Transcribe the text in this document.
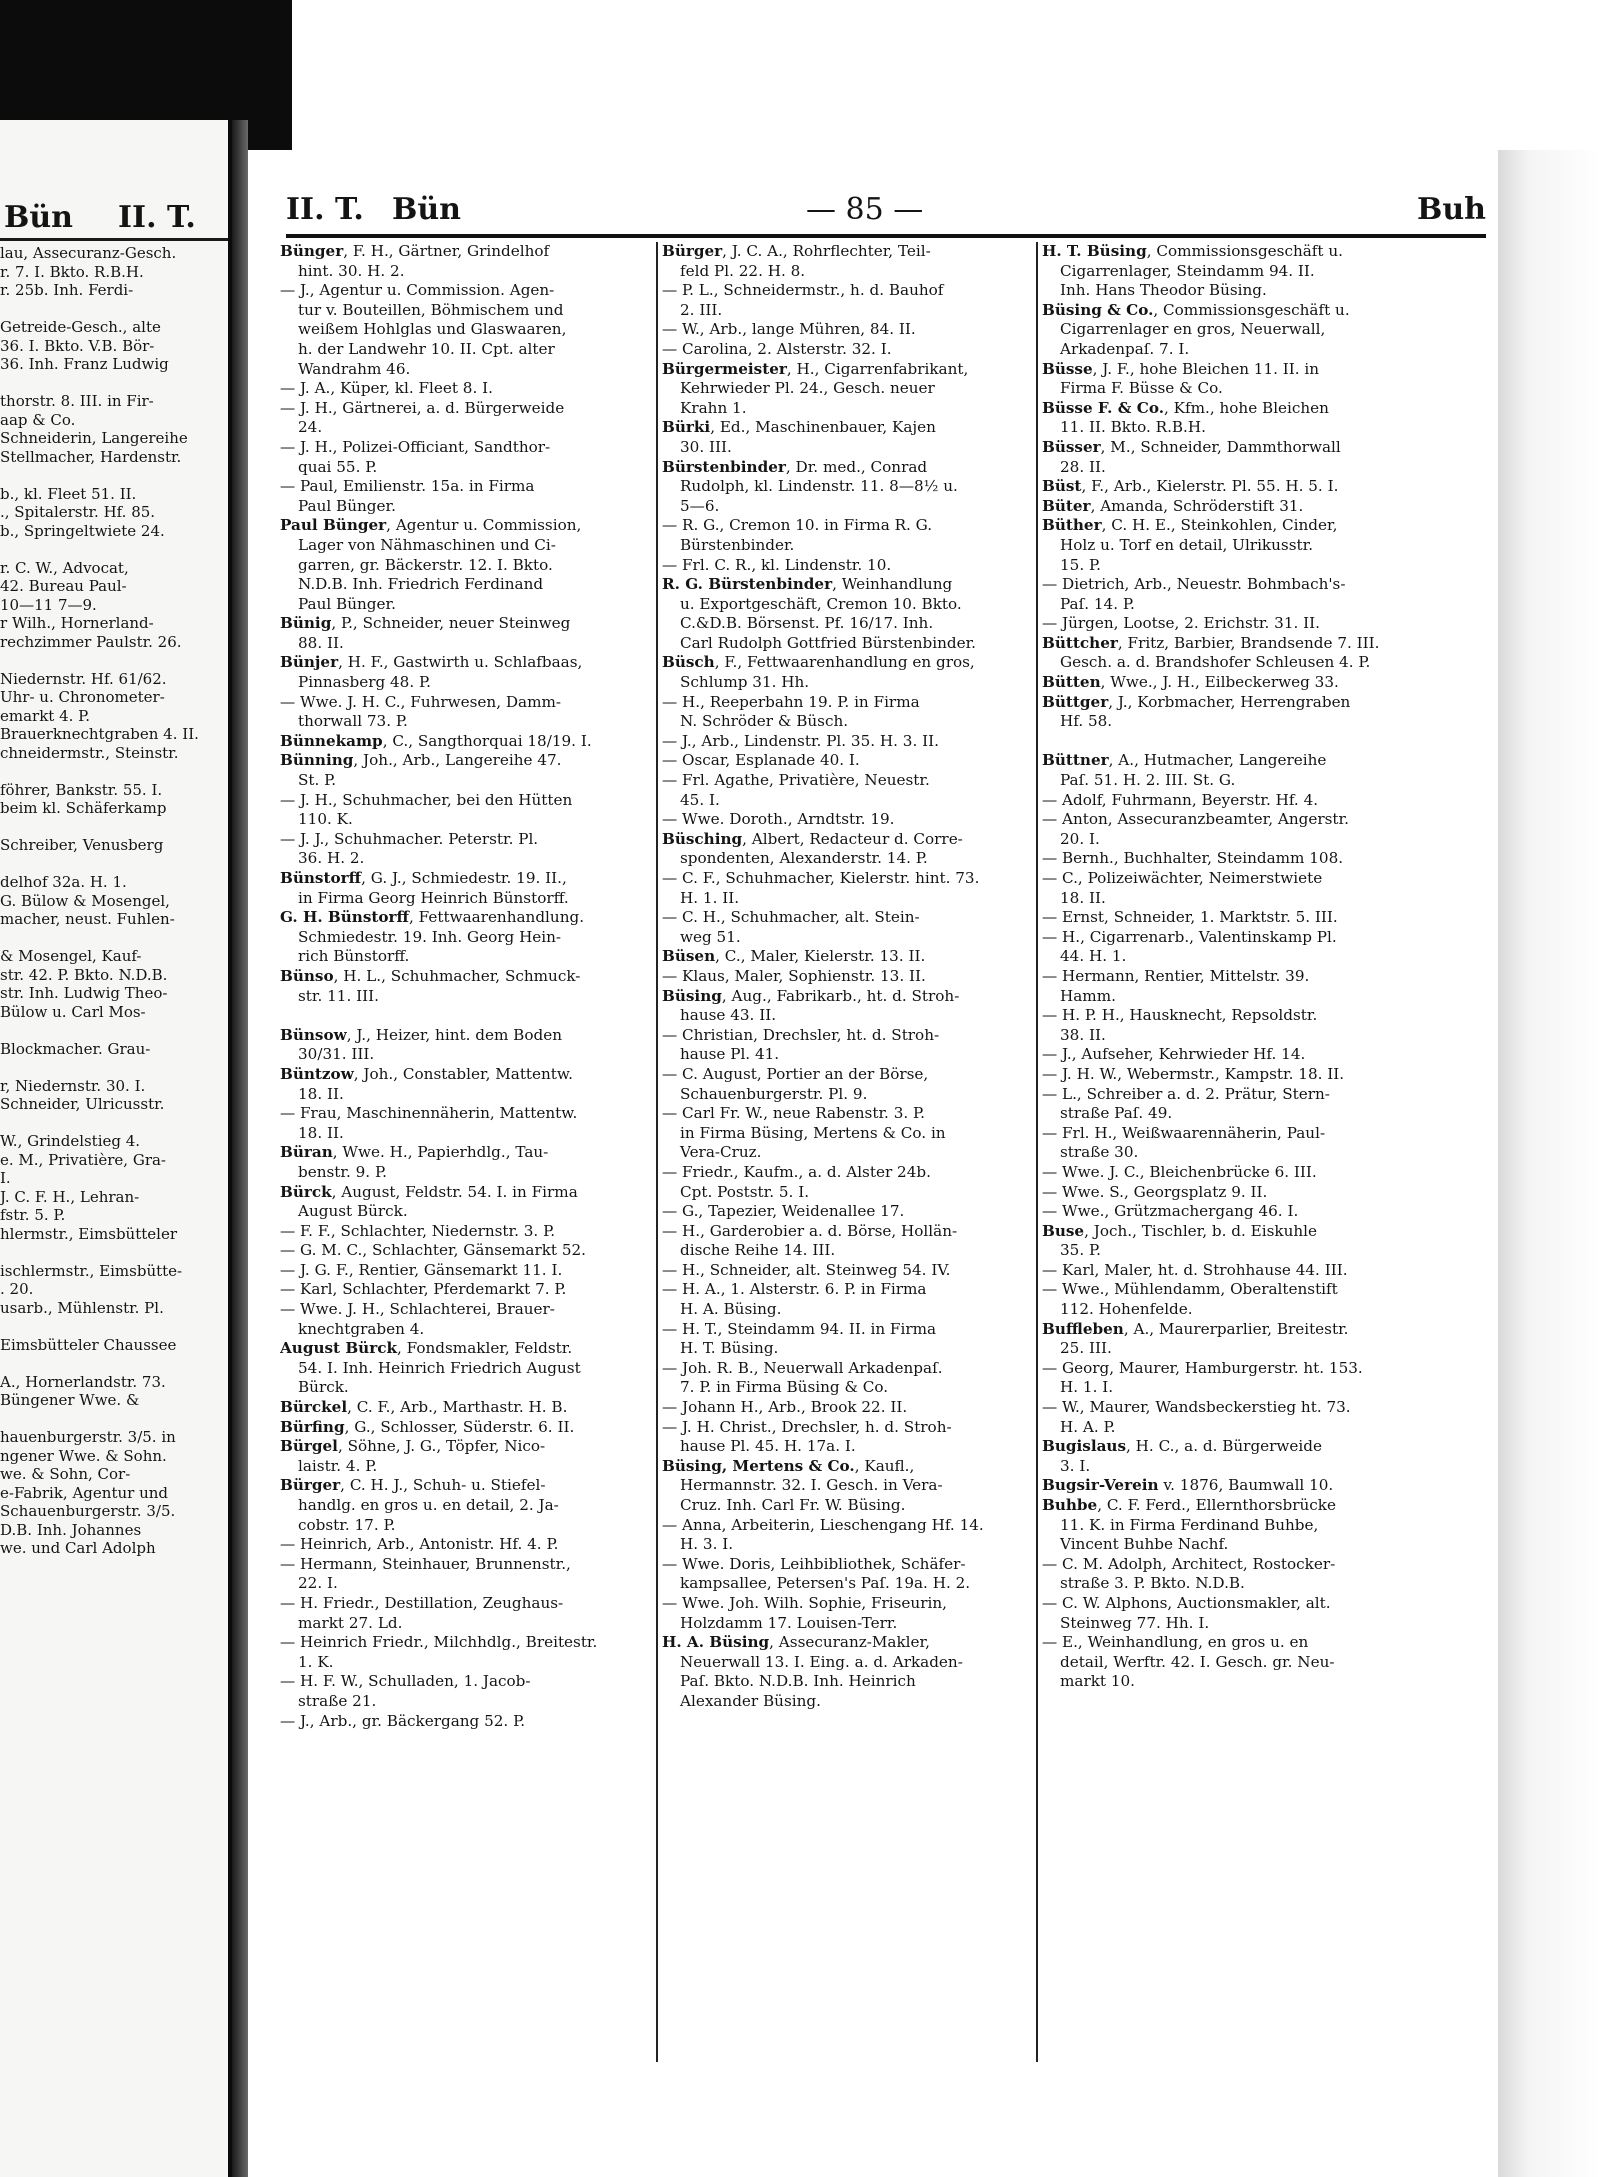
Bün II. T.
lau, Assecuranz-Gesch.
r. 7. I. Bkto. R.B.H.
r. 25b. Inh. Ferdi-
Getreide-Gesch., alte
36. I. Bkto. V.B. Bör-
36. Inh. Franz Ludwig
thorstr. 8. III. in Fir-
aap & Co.
Schneiderin, Langereihe
Stellmacher, Hardenstr.
b., kl. Fleet 51. II.
., Spitalerstr. Hf. 85.
b., Springeltwiete 24.
r. C. W., Advocat,
42. Bureau Paul-
10—11 7—9.
r Wilh., Hornerland-
rechzimmer Paulstr. 26.
Niedernstr. Hf. 61/62.
Uhr- u. Chronometer-
emarkt 4. P.
Brauerknechtgraben 4. II.
chneidermstr., Steinstr.
föhrer, Bankstr. 55. I.
beim kl. Schäferkamp
Schreiber, Venusberg
delhof 32a. H. 1.
G. Bülow & Mosengel,
macher, neust. Fuhlen-
& Mosengel, Kauf-
str. 42. P. Bkto. N.D.B.
str. Inh. Ludwig Theo-
Bülow u. Carl Mos-
Blockmacher. Grau-
r, Niedernstr. 30. I.
Schneider, Ulricusstr.
W., Grindelstieg 4.
e. M., Privatière, Gra-
I.
J. C. F. H., Lehran-
fstr. 5. P.
hlermstr., Eimsbütteler
ischlermstr., Eimsbütte-
. 20.
usarb., Mühlenstr. Pl.
Eimsbütteler Chaussee
A., Hornerlandstr. 73.
Büngener Wwe. &
hauenburgerstr. 3/5. in
ngener Wwe. & Sohn.
we. & Sohn, Cor-
e-Fabrik, Agentur und
Schauenburgerstr. 3/5.
D.B. Inh. Johannes
we. und Carl Adolph
II. T. Bün	— 85 —	Buh
Bünger, F. H., Gärtner, Grindelhof
hint. 30. H. 2.
— J., Agentur u. Commission. Agen-
tur v. Bouteillen, Böhmischem und
weißem Hohlglas und Glaswaaren,
h. der Landwehr 10. II. Cpt. alter
Wandrahm 46.
— J. A., Küper, kl. Fleet 8. I.
— J. H., Gärtnerei, a. d. Bürgerweide
24.
— J. H., Polizei-Officiant, Sandthor-
quai 55. P.
— Paul, Emilienstr. 15a. in Firma
Paul Bünger.
Paul Bünger, Agentur u. Commission,
Lager von Nähmaschinen und Ci-
garren, gr. Bäckerstr. 12. I. Bkto.
N.D.B. Inh. Friedrich Ferdinand
Paul Bünger.
Bünig, P., Schneider, neuer Steinweg
88. II.
Bünjer, H. F., Gastwirth u. Schlafbaas,
Pinnasberg 48. P.
— Wwe. J. H. C., Fuhrwesen, Damm-
thorwall 73. P.
Bünnekamp, C., Sangthorquai 18/19. I.
Bünning, Joh., Arb., Langereihe 47.
St. P.
— J. H., Schuhmacher, bei den Hütten
110. K.
— J. J., Schuhmacher. Peterstr. Pl.
36. H. 2.
Bünstorff, G. J., Schmiedestr. 19. II.,
in Firma Georg Heinrich Bünstorff.
G. H. Bünstorff, Fettwaarenhandlung.
Schmiedestr. 19. Inh. Georg Hein-
rich Bünstorff.
Bünso, H. L., Schuhmacher, Schmuck-
str. 11. III.
Bünsow, J., Heizer, hint. dem Boden
30/31. III.
Büntzow, Joh., Constabler, Mattentw.
18. II.
— Frau, Maschinennäherin, Mattentw.
18. II.
Büran, Wwe. H., Papierhdlg., Tau-
benstr. 9. P.
Bürck, August, Feldstr. 54. I. in Firma
August Bürck.
— F. F., Schlachter, Niedernstr. 3. P.
— G. M. C., Schlachter, Gänsemarkt 52.
— J. G. F., Rentier, Gänsemarkt 11. I.
— Karl, Schlachter, Pferdemarkt 7. P.
— Wwe. J. H., Schlachterei, Brauer-
knechtgraben 4.
August Bürck, Fondsmakler, Feldstr.
54. I. Inh. Heinrich Friedrich August
Bürck.
Bürckel, C. F., Arb., Marthastr. H. B.
Bürfing, G., Schlosser, Süderstr. 6. II.
Bürgel, Söhne, J. G., Töpfer, Nico-
laistr. 4. P.
Bürger, C. H. J., Schuh- u. Stiefel-
handlg. en gros u. en detail, 2. Ja-
cobstr. 17. P.
— Heinrich, Arb., Antonistr. Hf. 4. P.
— Hermann, Steinhauer, Brunnenstr.,
22. I.
— H. Friedr., Destillation, Zeughaus-
markt 27. Ld.
— Heinrich Friedr., Milchhdlg., Breitestr.
1. K.
— H. F. W., Schulladen, 1. Jacob-
straße 21.
— J., Arb., gr. Bäckergang 52. P.
Bürger, J. C. A., Rohrflechter, Teil-
feld Pl. 22. H. 8.
— P. L., Schneidermstr., h. d. Bauhof
2. III.
— W., Arb., lange Mühren, 84. II.
— Carolina, 2. Alsterstr. 32. I.
Bürgermeister, H., Cigarrenfabrikant,
Kehrwieder Pl. 24., Gesch. neuer
Krahn 1.
Bürki, Ed., Maschinenbauer, Kajen
30. III.
Bürstenbinder, Dr. med., Conrad
Rudolph, kl. Lindenstr. 11. 8—8½ u.
5—6.
— R. G., Cremon 10. in Firma R. G.
Bürstenbinder.
— Frl. C. R., kl. Lindenstr. 10.
R. G. Bürstenbinder, Weinhandlung
u. Exportgeschäft, Cremon 10. Bkto.
C.&D.B. Börsenst. Pf. 16/17. Inh.
Carl Rudolph Gottfried Bürstenbinder.
Büsch, F., Fettwaarenhandlung en gros,
Schlump 31. Hh.
— H., Reeperbahn 19. P. in Firma
N. Schröder & Büsch.
— J., Arb., Lindenstr. Pl. 35. H. 3. II.
— Oscar, Esplanade 40. I.
— Frl. Agathe, Privatière, Neuestr.
45. I.
— Wwe. Doroth., Arndtstr. 19.
Büsching, Albert, Redacteur d. Corre-
spondenten, Alexanderstr. 14. P.
— C. F., Schuhmacher, Kielerstr. hint. 73.
H. 1. II.
— C. H., Schuhmacher, alt. Stein-
weg 51.
Büsen, C., Maler, Kielerstr. 13. II.
— Klaus, Maler, Sophienstr. 13. II.
Büsing, Aug., Fabrikarb., ht. d. Stroh-
hause 43. II.
— Christian, Drechsler, ht. d. Stroh-
hause Pl. 41.
— C. August, Portier an der Börse,
Schauenburgerstr. Pl. 9.
— Carl Fr. W., neue Rabenstr. 3. P.
in Firma Büsing, Mertens & Co. in
Vera-Cruz.
— Friedr., Kaufm., a. d. Alster 24b.
Cpt. Poststr. 5. I.
— G., Tapezier, Weidenallee 17.
— H., Garderobier a. d. Börse, Hollän-
dische Reihe 14. III.
— H., Schneider, alt. Steinweg 54. IV.
— H. A., 1. Alsterstr. 6. P. in Firma
H. A. Büsing.
— H. T., Steindamm 94. II. in Firma
H. T. Büsing.
— Joh. R. B., Neuerwall Arkadenpaſ.
7. P. in Firma Büsing & Co.
— Johann H., Arb., Brook 22. II.
— J. H. Christ., Drechsler, h. d. Stroh-
hause Pl. 45. H. 17a. I.
Büsing, Mertens & Co., Kaufl.,
Hermannstr. 32. I. Gesch. in Vera-
Cruz. Inh. Carl Fr. W. Büsing.
— Anna, Arbeiterin, Lieschengang Hf. 14.
H. 3. I.
— Wwe. Doris, Leihbibliothek, Schäfer-
kampsallee, Petersen's Paſ. 19a. H. 2.
— Wwe. Joh. Wilh. Sophie, Friseurin,
Holzdamm 17. Louisen-Terr.
H. A. Büsing, Assecuranz-Makler,
Neuerwall 13. I. Eing. a. d. Arkaden-
Paſ. Bkto. N.D.B. Inh. Heinrich
Alexander Büsing.
H. T. Büsing, Commissionsgeschäft u.
Cigarrenlager, Steindamm 94. II.
Inh. Hans Theodor Büsing.
Büsing & Co., Commissionsgeschäft u.
Cigarrenlager en gros, Neuerwall,
Arkadenpaſ. 7. I.
Büsse, J. F., hohe Bleichen 11. II. in
Firma F. Büsse & Co.
Büsse F. & Co., Kfm., hohe Bleichen
11. II. Bkto. R.B.H.
Büsser, M., Schneider, Dammthorwall
28. II.
Büst, F., Arb., Kielerstr. Pl. 55. H. 5. I.
Büter, Amanda, Schröderstift 31.
Büther, C. H. E., Steinkohlen, Cinder,
Holz u. Torf en detail, Ulrikusstr.
15. P.
— Dietrich, Arb., Neuestr. Bohmbach's-
Paſ. 14. P.
— Jürgen, Lootse, 2. Erichstr. 31. II.
Büttcher, Fritz, Barbier, Brandsende 7. III.
Gesch. a. d. Brandshofer Schleusen 4. P.
Bütten, Wwe., J. H., Eilbeckerweg 33.
Büttger, J., Korbmacher, Herrengraben
Hf. 58.
Büttner, A., Hutmacher, Langereihe
Paſ. 51. H. 2. III. St. G.
— Adolf, Fuhrmann, Beyerstr. Hf. 4.
— Anton, Assecuranzbeamter, Angerstr.
20. I.
— Bernh., Buchhalter, Steindamm 108.
— C., Polizeiwächter, Neimerstwiete
18. II.
— Ernst, Schneider, 1. Marktstr. 5. III.
— H., Cigarrenarb., Valentinskamp Pl.
44. H. 1.
— Hermann, Rentier, Mittelstr. 39.
Hamm.
— H. P. H., Hausknecht, Repsoldstr.
38. II.
— J., Aufseher, Kehrwieder Hf. 14.
— J. H. W., Webermstr., Kampstr. 18. II.
— L., Schreiber a. d. 2. Prätur, Stern-
straße Paſ. 49.
— Frl. H., Weißwaarennäherin, Paul-
straße 30.
— Wwe. J. C., Bleichenbrücke 6. III.
— Wwe. S., Georgsplatz 9. II.
— Wwe., Grützmachergang 46. I.
Buse, Joch., Tischler, b. d. Eiskuhle
35. P.
— Karl, Maler, ht. d. Strohhause 44. III.
— Wwe., Mühlendamm, Oberaltenstift
112. Hohenfelde.
Buffleben, A., Maurerparlier, Breitestr.
25. III.
— Georg, Maurer, Hamburgerstr. ht. 153.
H. 1. I.
— W., Maurer, Wandsbeckerstieg ht. 73.
H. A. P.
Bugislaus, H. C., a. d. Bürgerweide
3. I.
Bugsir-Verein v. 1876, Baumwall 10.
Buhbe, C. F. Ferd., Ellernthorsbrücke
11. K. in Firma Ferdinand Buhbe,
Vincent Buhbe Nachf.
— C. M. Adolph, Architect, Rostocker-
straße 3. P. Bkto. N.D.B.
— C. W. Alphons, Auctionsmakler, alt.
Steinweg 77. Hh. I.
— E., Weinhandlung, en gros u. en
detail, Werftr. 42. I. Gesch. gr. Neu-
markt 10.
